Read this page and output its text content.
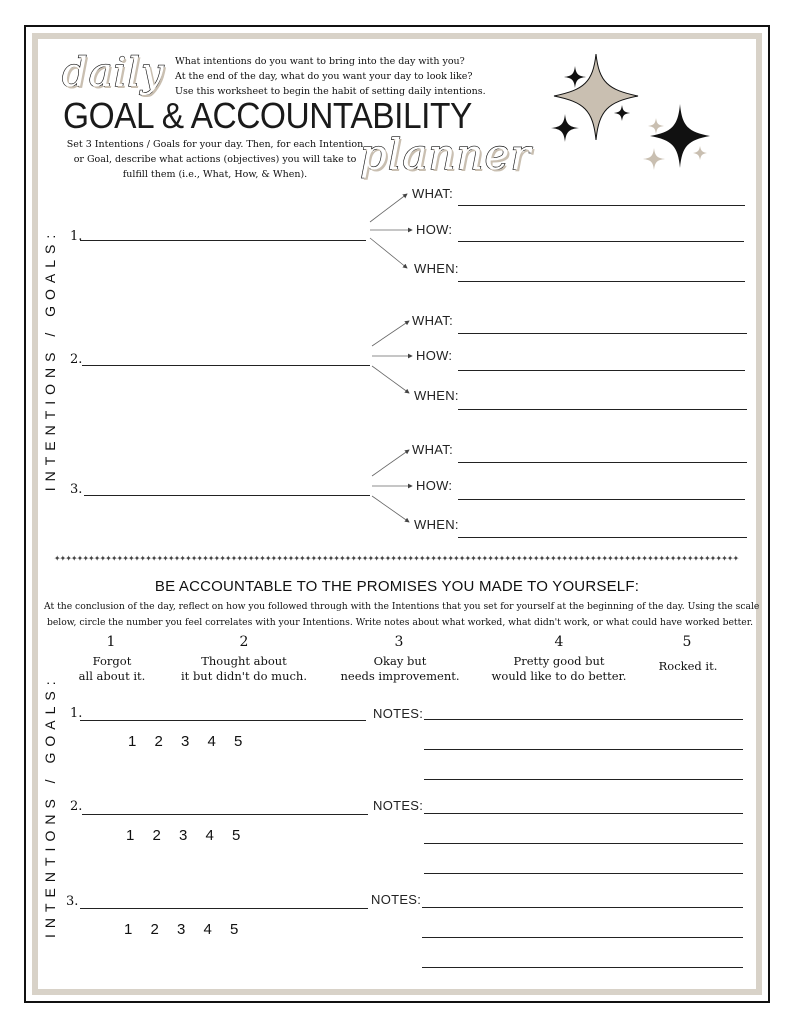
daily What intentions do you want to bring into the day with you?
At the end of the day, what do you want your day to look like?
Use this worksheet to begin the habit of setting daily intentions.
GOAL & ACCOUNTABILITY
Set 3 Intentions / Goals for your day. Then, for each Intention
or Goal, describe what actions (objectives) you will take to
fulfill them (i.e., What, How, & When).	planner
INTENTIONS / GOALS:
INTENTIONS / GOALS:
1.
WHAT:
HOW:
WHEN:
2.
WHAT:
HOW:
WHEN:
3.
WHAT:
HOW:
WHEN:
✦✦✦✦✦✦✦✦✦✦✦✦✦✦✦✦✦✦✦✦✦✦✦✦✦✦✦✦✦✦✦✦✦✦✦✦✦✦✦✦✦✦✦✦✦✦✦✦✦✦✦✦✦✦✦✦✦✦✦✦✦✦✦✦✦✦✦✦✦✦✦✦✦✦✦✦✦✦✦✦✦✦✦✦✦✦✦✦✦✦✦✦✦✦✦✦✦✦✦✦✦✦✦✦✦✦✦✦✦✦✦✦✦✦✦✦✦✦✦✦
BE ACCOUNTABLE TO THE PROMISES YOU MADE TO YOURSELF:
At the conclusion of the day, reflect on how you followed through with the Intentions that you set for yourself at the beginning of the day. Using the scale
below, circle the number you feel correlates with your Intentions. Write notes about what worked, what didn't work, or what could have worked better.
1
Forgot
all about it.
2
Thought about
it but didn't do much.
3
Okay but
needs improvement.
4
Pretty good but
would like to do better.
5
Rocked it.
1.
1 2 3 4 5
NOTES:
2.
1 2 3 4 5
NOTES:
3.
1 2 3 4 5
NOTES:
